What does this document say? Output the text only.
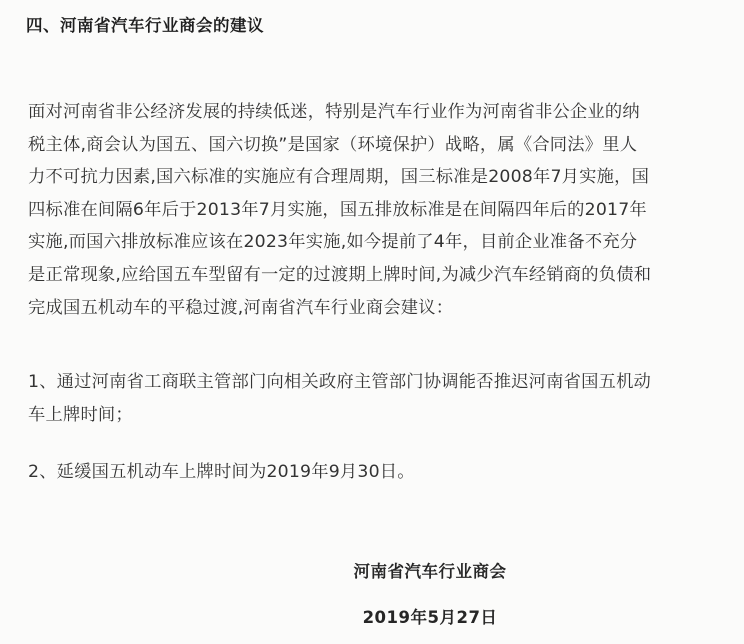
四、河南省汽车行业商会的建议

面对河南省非公经济发展的持续低迷，特别是汽车行业作为河南省非公企业的纳
税主体,商会认为国五、国六切换”是国家（环境保护）战略，属《合同法》里人
力不可抗力因素,国六标准的实施应有合理周期，国三标准是2008年7月实施，国
四标准在间隔6年后于2013年7月实施，国五排放标准是在间隔四年后的2017年
实施,而国六排放标准应该在2023年实施,如今提前了4年，目前企业准备不充分
是正常现象,应给国五车型留有一定的过渡期上牌时间,为减少汽车经销商的负债和
完成国五机动车的平稳过渡,河南省汽车行业商会建议：

1、通过河南省工商联主管部门向相关政府主管部门协调能否推迟河南省国五机动
车上牌时间；

2、延缓国五机动车上牌时间为2019年9月30日。

河南省汽车行业商会

2019年5月27日
